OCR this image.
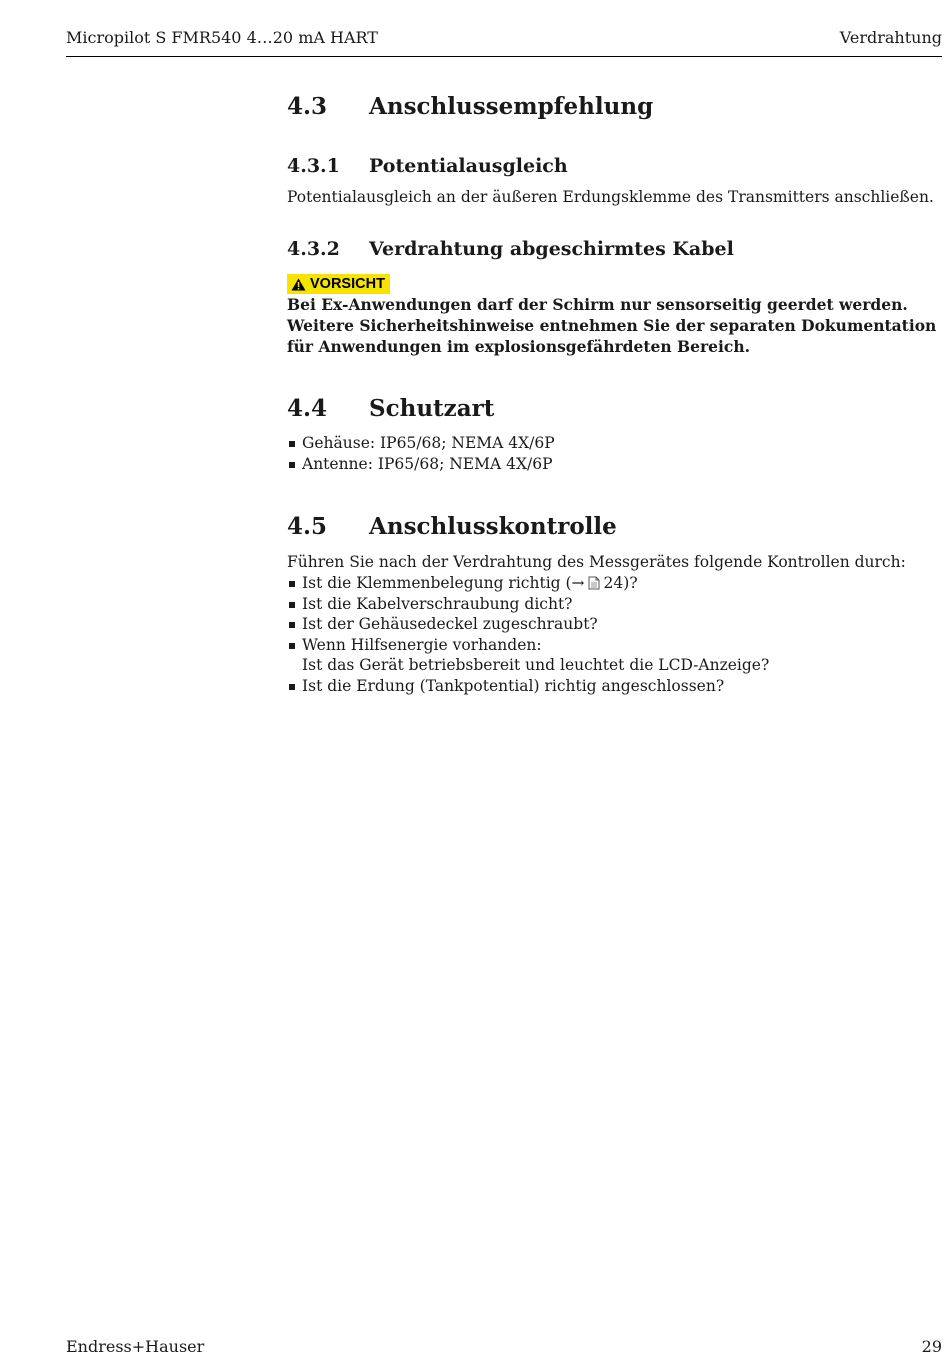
Micropilot S FMR540 4…20 mA HART	Verdrahtung
4.3	Anschlussempfehlung
4.3.1	Potentialausgleich
Potentialausgleich an der äußeren Erdungsklemme des Transmitters anschließen.
4.3.2	Verdrahtung abgeschirmtes Kabel
VORSICHT
Bei Ex-Anwendungen darf der Schirm nur sensorseitig geerdet werden. Weitere Sicherheitshinweise entnehmen Sie der separaten Dokumentation für Anwendungen im explosionsgefährdeten Bereich.
4.4	Schutzart
Gehäuse: IP65/68; NEMA 4X/6P
Antenne: IP65/68; NEMA 4X/6P
4.5	Anschlusskontrolle
Führen Sie nach der Verdrahtung des Messgerätes folgende Kontrollen durch:
Ist die Klemmenbelegung richtig (→ 24)?
Ist die Kabelverschraubung dicht?
Ist der Gehäusedeckel zugeschraubt?
Wenn Hilfsenergie vorhanden:
Ist das Gerät betriebsbereit und leuchtet die LCD-Anzeige?
Ist die Erdung (Tankpotential) richtig angeschlossen?
Endress+Hauser	29
